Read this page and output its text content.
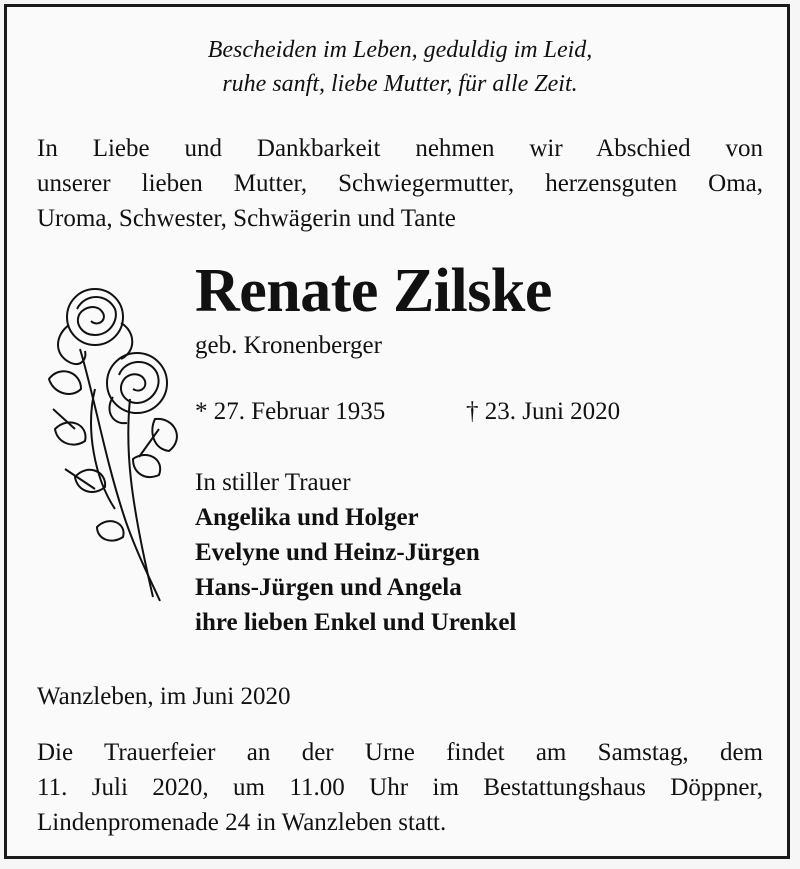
Bescheiden im Leben, geduldig im Leid,
ruhe sanft, liebe Mutter, für alle Zeit.
In Liebe und Dankbarkeit nehmen wir Abschied von
unserer lieben Mutter, Schwiegermutter, herzensguten Oma,
Uroma, Schwester, Schwägerin und Tante
Renate Zilske
geb. Kronenberger
* 27. Februar 1935	† 23. Juni 2020
In stiller Trauer
Angelika und Holger
Evelyne und Heinz-Jürgen
Hans-Jürgen und Angela
ihre lieben Enkel und Urenkel
Wanzleben, im Juni 2020
Die Trauerfeier an der Urne findet am Samstag, dem
11. Juli 2020, um 11.00 Uhr im Bestattungshaus Döppner,
Lindenpromenade 24 in Wanzleben statt.
